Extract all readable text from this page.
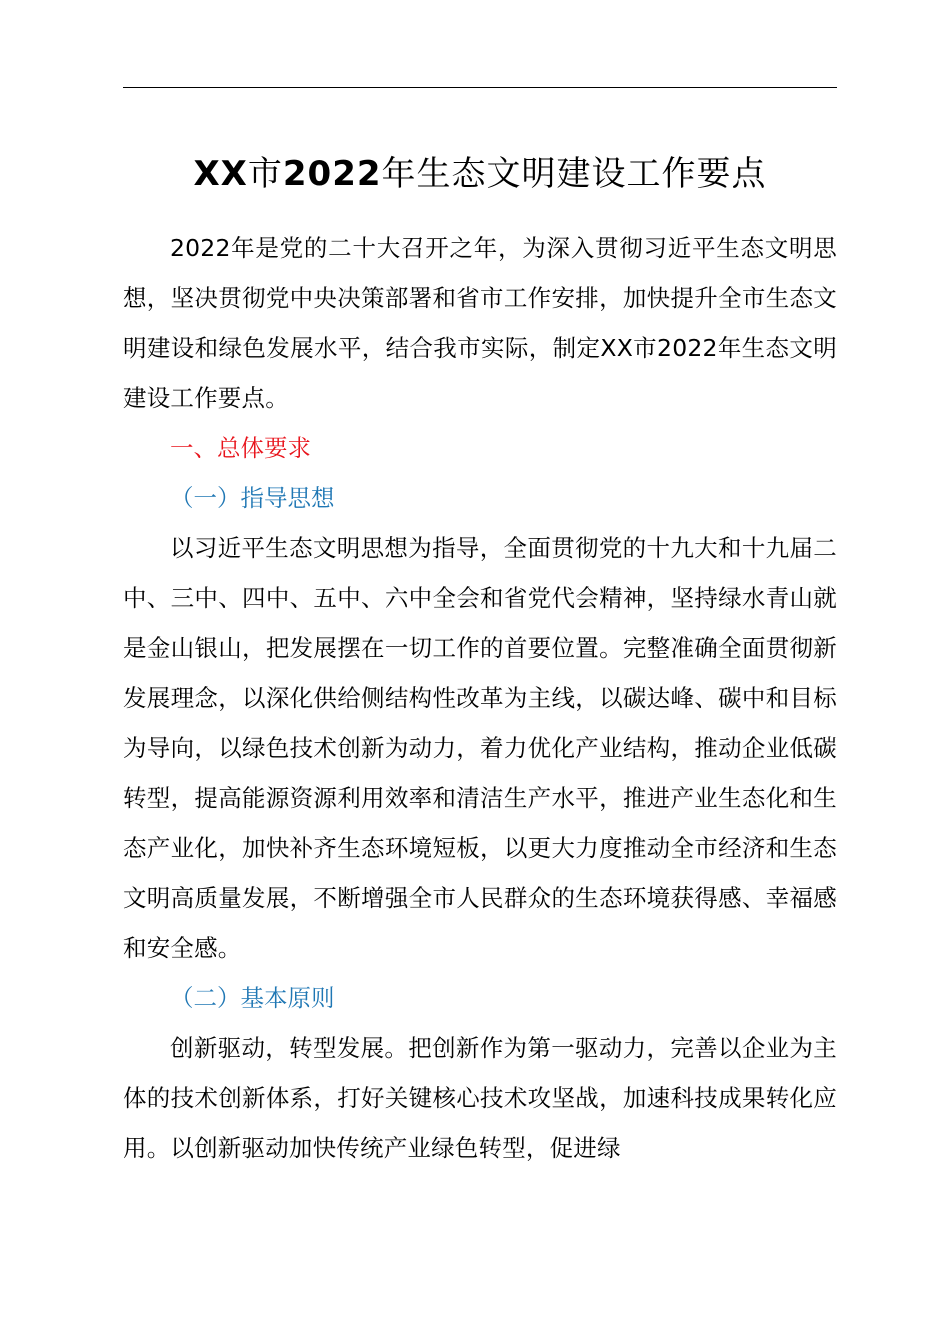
XX市2022年生态文明建设工作要点

2022年是党的二十大召开之年，为深入贯彻习近平生态文明思想，坚决贯彻党中央决策部署和省市工作安排，加快提升全市生态文明建设和绿色发展水平，结合我市实际，制定XX市2022年生态文明建设工作要点。

一、总体要求

（一）指导思想

以习近平生态文明思想为指导，全面贯彻党的十九大和十九届二中、三中、四中、五中、六中全会和省党代会精神，坚持绿水青山就是金山银山，把发展摆在一切工作的首要位置。完整准确全面贯彻新发展理念，以深化供给侧结构性改革为主线，以碳达峰、碳中和目标为导向，以绿色技术创新为动力，着力优化产业结构，推动企业低碳转型，提高能源资源利用效率和清洁生产水平，推进产业生态化和生态产业化，加快补齐生态环境短板，以更大力度推动全市经济和生态文明高质量发展，不断增强全市人民群众的生态环境获得感、幸福感和安全感。

（二）基本原则

创新驱动，转型发展。把创新作为第一驱动力，完善以企业为主体的技术创新体系，打好关键核心技术攻坚战，加速科技成果转化应用。以创新驱动加快传统产业绿色转型，促进绿
